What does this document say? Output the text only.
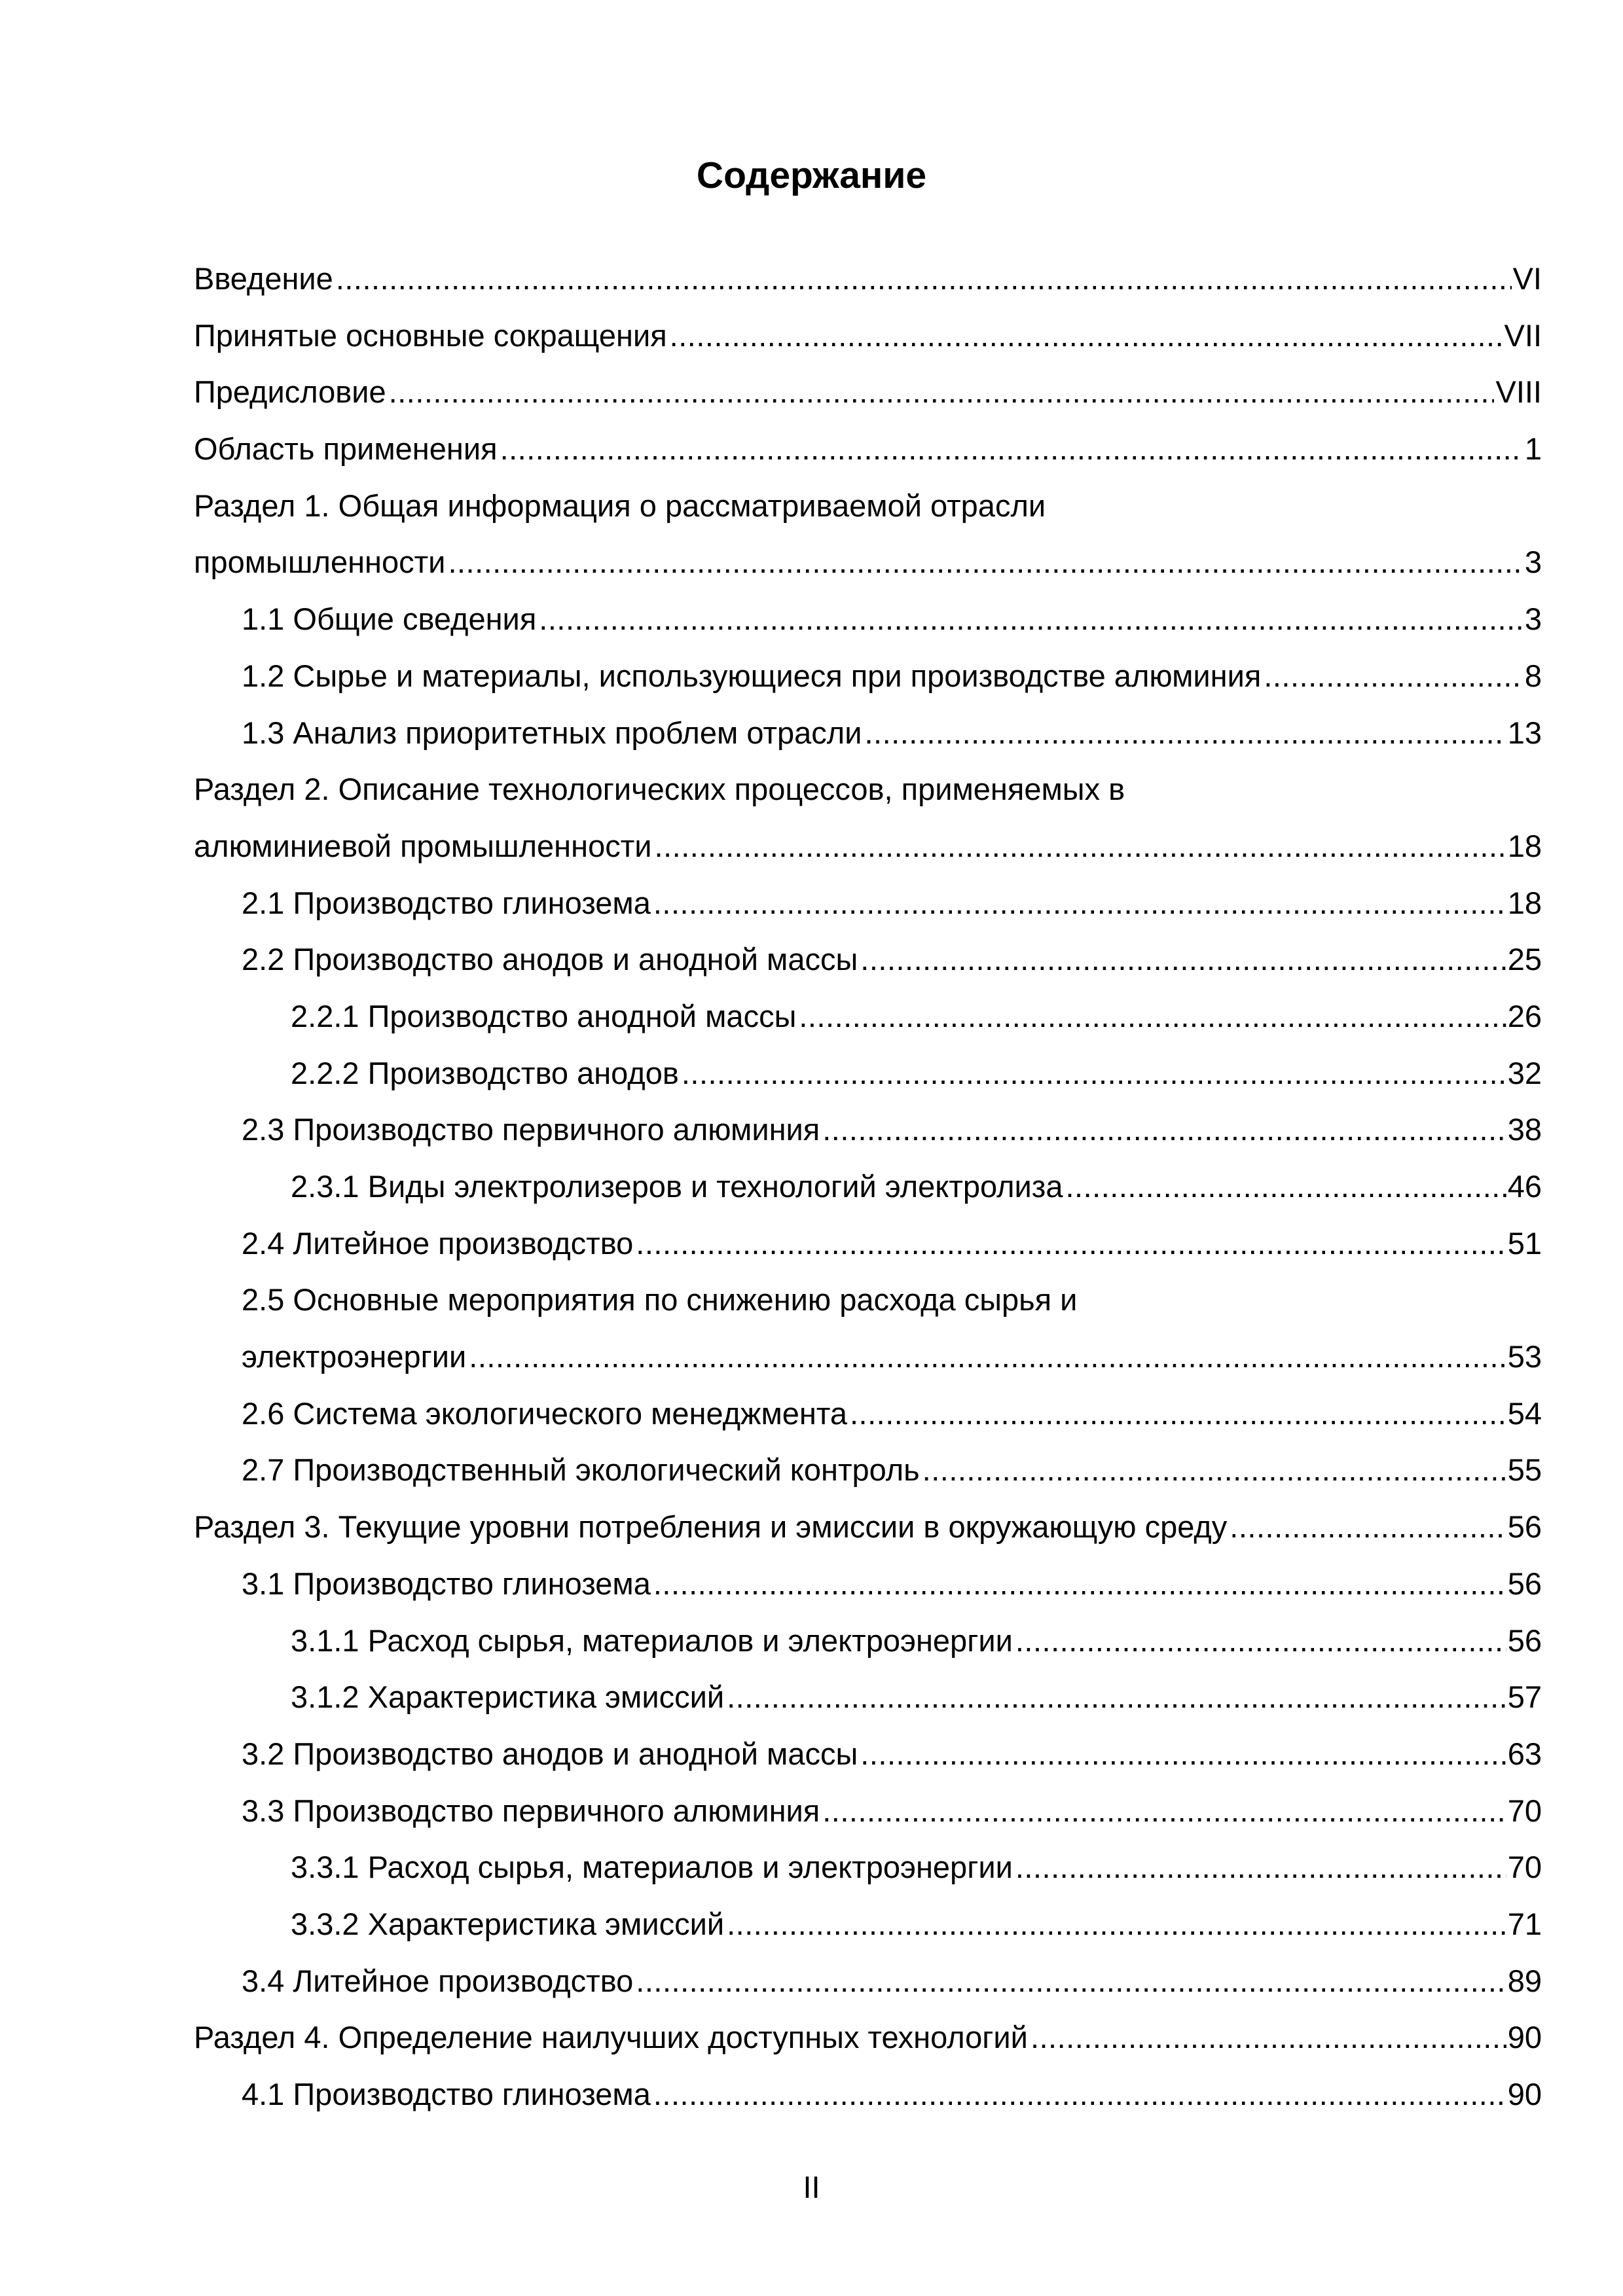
Содержание
Введение .....	VI
Принятые основные сокращения .....	VII
Предисловие .....	VIII
Область применения .....	1
Раздел 1. Общая информация о рассматриваемой отрасли
промышленности .....	3
1.1 Общие сведения .....	3
1.2 Сырье и материалы, использующиеся при производстве алюминия .....	8
1.3 Анализ приоритетных проблем отрасли .....	13
Раздел 2. Описание технологических процессов, применяемых в
алюминиевой промышленности .....	18
2.1 Производство глинозема .....	18
2.2 Производство анодов и анодной массы .....	25
2.2.1 Производство анодной массы .....	26
2.2.2 Производство анодов .....	32
2.3 Производство первичного алюминия .....	38
2.3.1 Виды электролизеров и технологий электролиза .....	46
2.4 Литейное производство .....	51
2.5 Основные мероприятия по снижению расхода сырья и
электроэнергии .....	53
2.6 Система экологического менеджмента .....	54
2.7 Производственный экологический контроль .....	55
Раздел 3. Текущие уровни потребления и эмиссии в окружающую среду .....	56
3.1 Производство глинозема .....	56
3.1.1 Расход сырья, материалов и электроэнергии .....	56
3.1.2 Характеристика эмиссий .....	57
3.2 Производство анодов и анодной массы .....	63
3.3 Производство первичного алюминия .....	70
3.3.1 Расход сырья, материалов и электроэнергии .....	70
3.3.2 Характеристика эмиссий .....	71
3.4 Литейное производство .....	89
Раздел 4. Определение наилучших доступных технологий .....	90
4.1 Производство глинозема .....	90
II
